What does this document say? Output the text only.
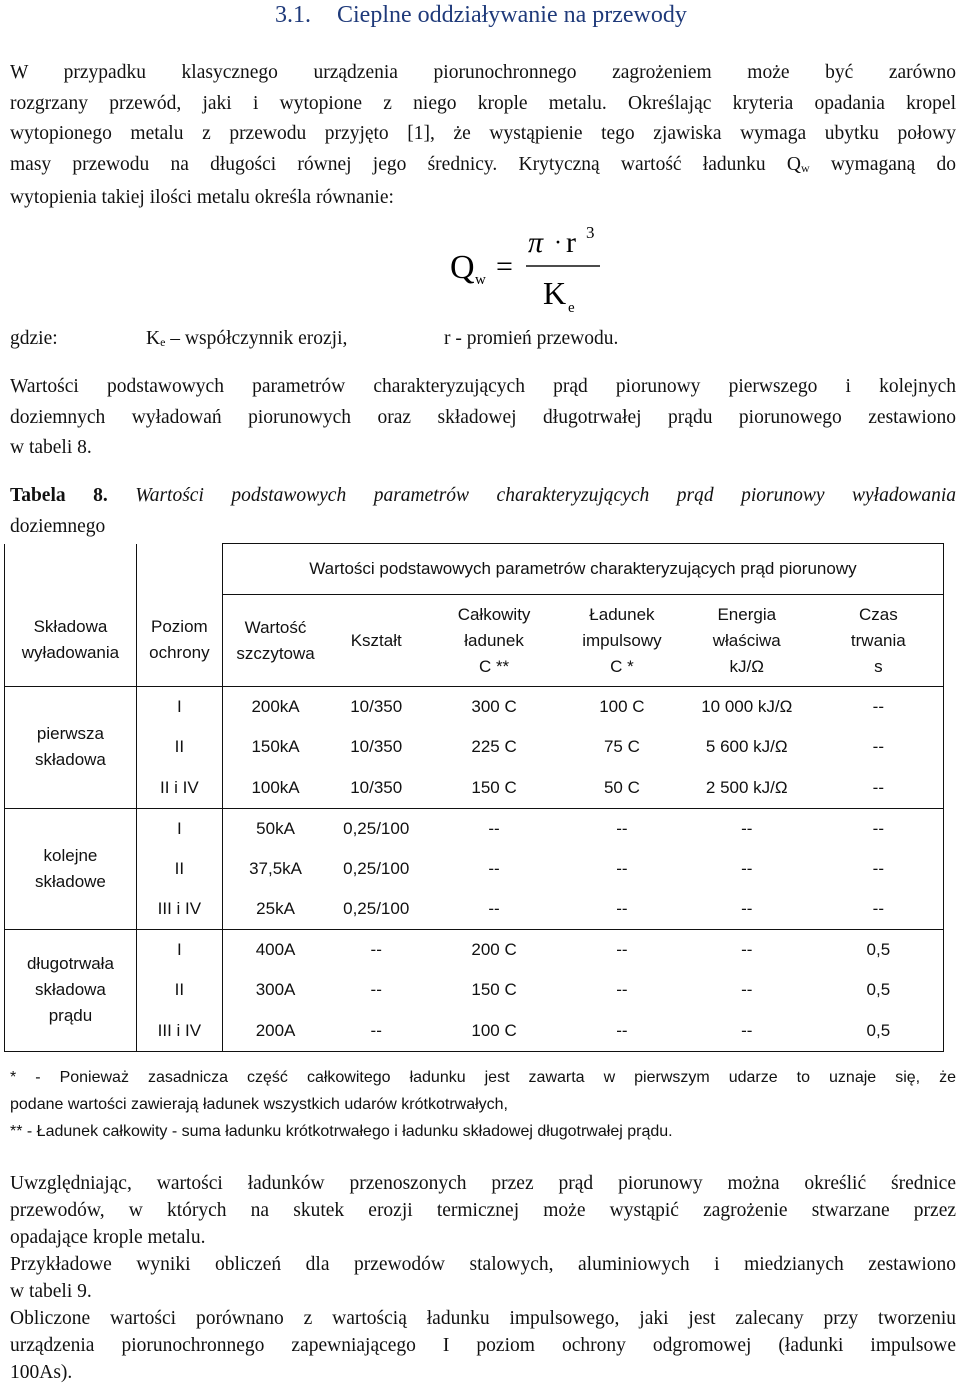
3.1. Cieplne oddziaływanie na przewody
W przypadku klasycznego urządzenia piorunochronnego zagrożeniem może być zarówno
rozgrzany przewód, jaki i wytopione z niego krople metalu. Określając kryteria opadania kropel
wytopionego metalu z przewodu przyjęto [1], że wystąpienie tego zjawiska wymaga ubytku połowy
masy przewodu na długości równej jego średnicy. Krytyczną wartość ładunku $Q_w$ wymaganą do
wytopienia takiej ilości metalu określa równanie:
Q w =
π · r 3
K e
gdzie:	$K_e$ – współczynnik erozji,	r - promień przewodu.
Wartości podstawowych parametrów charakteryzujących prąd piorunowy pierwszego i kolejnych
doziemnych wyładowań piorunowych oraz składowej długotrwałej prądu piorunowego zestawiono
w tabeli 8.
Tabela 8. Wartości podstawowych parametrów charakteryzujących prąd piorunowy wyładowania
doziemnego
		Wartości podstawowych parametrów charakteryzujących prąd piorunowy					
Składowa
wyładowania	Poziom
ochrony	Wartość
szczytowa	Kształt	Całkowity
ładunek
C **	Ładunek
impulsowy
C *	Energia
właściwa
kJ/Ω	Czas
trwania
s
pierwsza
składowa	I	200kA	10/350	300 C	100 C	10 000 kJ/Ω	--
	II	150kA	10/350	225 C	75 C	5 600 kJ/Ω	--
	II i IV	100kA	10/350	150 C	50 C	2 500 kJ/Ω	--
kolejne
składowe	I	50kA	0,25/100	--	--	--	--
	II	37,5kA	0,25/100	--	--	--	--
	III i IV	25kA	0,25/100	--	--	--	--
długotrwała
składowa
prądu	I	400A	--	200 C	--	--	0,5
	II	300A	--	150 C	--	--	0,5
	III i IV	200A	--	100 C	--	--	0,5
* - Ponieważ zasadnicza część całkowitego ładunku jest zawarta w pierwszym udarze to uznaje się, że
podane wartości zawierają ładunek wszystkich udarów krótkotrwałych,
** - Ładunek całkowity - suma ładunku krótkotrwałego i ładunku składowej długotrwałej prądu.
Uwzględniając, wartości ładunków przenoszonych przez prąd piorunowy można określić średnice
przewodów, w których na skutek erozji termicznej może wystąpić zagrożenie stwarzane przez
opadające krople metalu.
Przykładowe wyniki obliczeń dla przewodów stalowych, aluminiowych i miedzianych zestawiono
w tabeli 9.
Obliczone wartości porównano z wartością ładunku impulsowego, jaki jest zalecany przy tworzeniu
urządzenia piorunochronnego zapewniającego I poziom ochrony odgromowej (ładunki impulsowe
100As).
